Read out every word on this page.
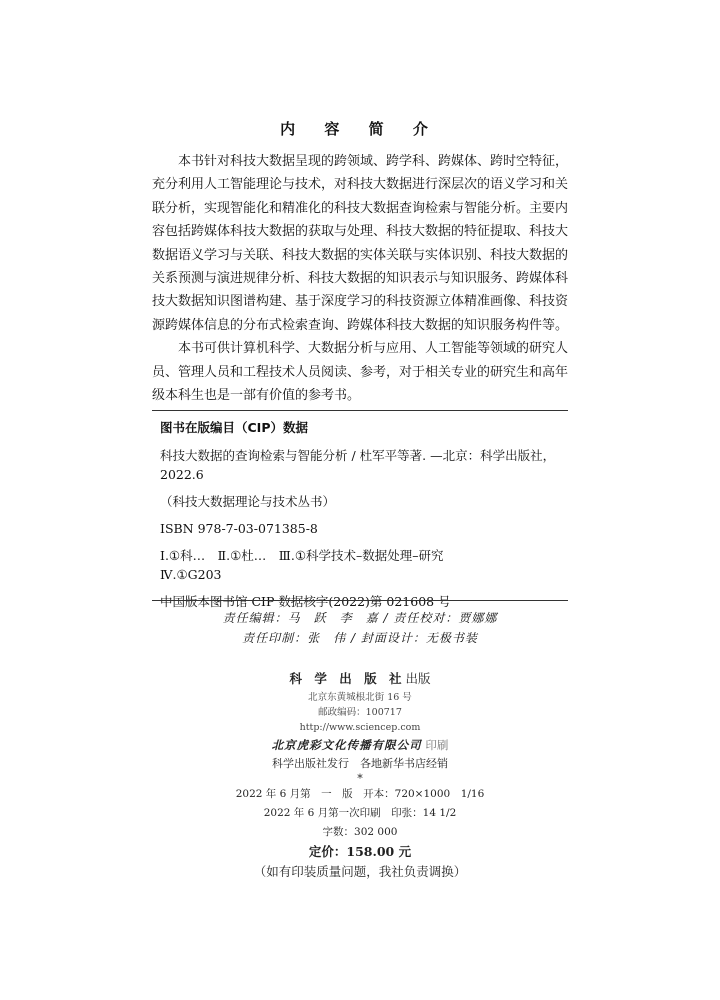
内 容 简 介

本书针对科技大数据呈现的跨领域、跨学科、跨媒体、跨时空特征，充分利用人工智能理论与技术，对科技大数据进行深层次的语义学习和关联分析，实现智能化和精准化的科技大数据查询检索与智能分析。主要内容包括跨媒体科技大数据的获取与处理、科技大数据的特征提取、科技大数据语义学习与关联、科技大数据的实体关联与实体识别、科技大数据的关系预测与演进规律分析、科技大数据的知识表示与知识服务、跨媒体科技大数据知识图谱构建、基于深度学习的科技资源立体精准画像、科技资源跨媒体信息的分布式检索查询、跨媒体科技大数据的知识服务构件等。

本书可供计算机科学、大数据分析与应用、人工智能等领域的研究人员、管理人员和工程技术人员阅读、参考，对于相关专业的研究生和高年级本科生也是一部有价值的参考书。

图书在版编目（CIP）数据

科技大数据的查询检索与智能分析 / 杜军平等著. —北京：科学出版社，2022.6

（科技大数据理论与技术丛书）

ISBN 978-7-03-071385-8

Ⅰ.①科…　Ⅱ.①杜…　Ⅲ.①科学技术–数据处理–研究

Ⅳ.①G203

中国版本图书馆 CIP 数据核字(2022)第 021608 号

责任编辑：马　跃　李　嘉 / 责任校对：贾娜娜
责任印制：张　伟 / 封面设计：无极书装
科 学 出 版 社出版
北京东黄城根北街 16 号
邮政编码：100717
http://www.sciencep.com
北京虎彩文化传播有限公司 印刷
科学出版社发行　各地新华书店经销
*
2022 年 6 月第　一　版　开本：720×1000　1/16
2022 年 6 月第一次印刷　印张：14 1/2
字数：302 000
定价：158.00 元
（如有印装质量问题，我社负责调换）
